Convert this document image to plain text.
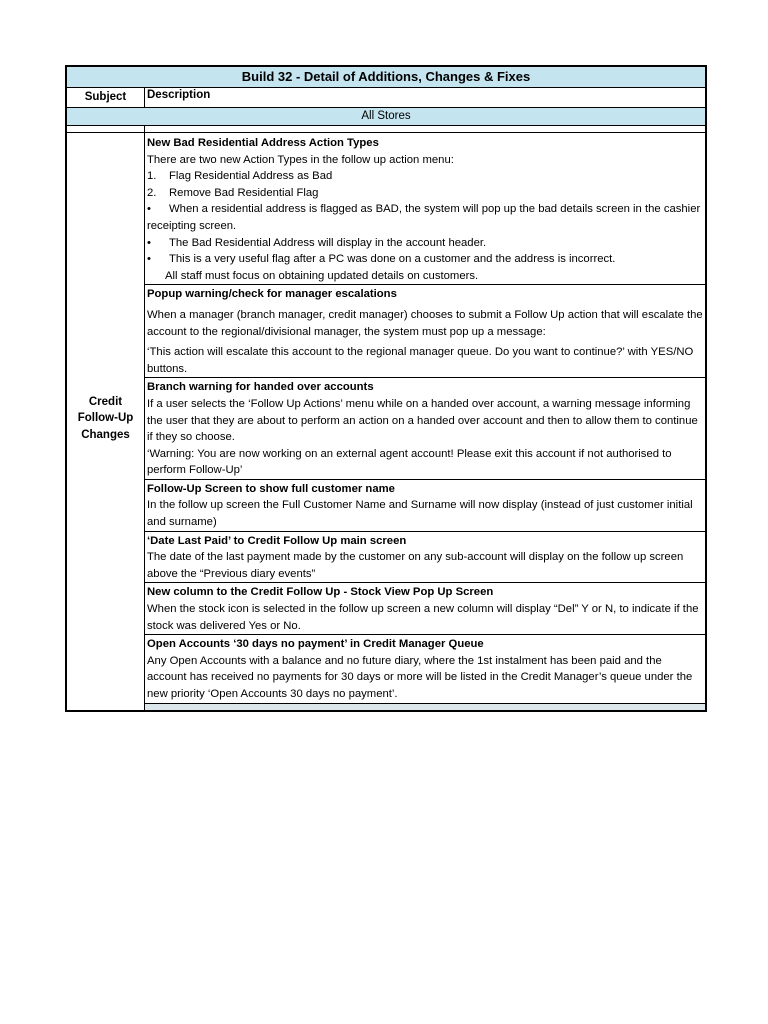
Build 32 - Detail of Additions, Changes & Fixes
Subject	Description
All Stores
Credit
Follow-Up
Changes

New Bad Residential Address Action Types

There are two new Action Types in the follow up action menu:

1. Flag Residential Address as Bad

2. Remove Bad Residential Flag

• When a residential address is flagged as BAD, the system will pop up the bad details screen in the cashier receipting screen.

• The Bad Residential Address will display in the account header.

• This is a very useful flag after a PC was done on a customer and the address is incorrect.

All staff must focus on obtaining updated details on customers.

Popup warning/check for manager escalations

When a manager (branch manager, credit manager) chooses to submit a Follow Up action that will escalate the account to the regional/divisional manager, the system must pop up a message:

‘This action will escalate this account to the regional manager queue. Do you want to continue?’ with YES/NO buttons.

Branch warning for handed over accounts

If a user selects the ‘Follow Up Actions’ menu while on a handed over account, a warning message informing the user that they are about to perform an action on a handed over account and then to allow them to continue if they so choose.

‘Warning: You are now working on an external agent account! Please exit this account if not authorised to perform Follow-Up’

Follow-Up Screen to show full customer name

In the follow up screen the Full Customer Name and Surname will now display (instead of just customer initial and surname)

‘Date Last Paid’ to Credit Follow Up main screen

The date of the last payment made by the customer on any sub-account will display on the follow up screen above the “Previous diary events”

New column to the Credit Follow Up - Stock View Pop Up Screen

When the stock icon is selected in the follow up screen a new column will display “Del” Y or N, to indicate if the stock was delivered Yes or No.

Open Accounts ‘30 days no payment’ in Credit Manager Queue

Any Open Accounts with a balance and no future diary, where the 1st instalment has been paid and the account has received no payments for 30 days or more will be listed in the Credit Manager’s queue under the new priority ‘Open Accounts 30 days no payment’.
